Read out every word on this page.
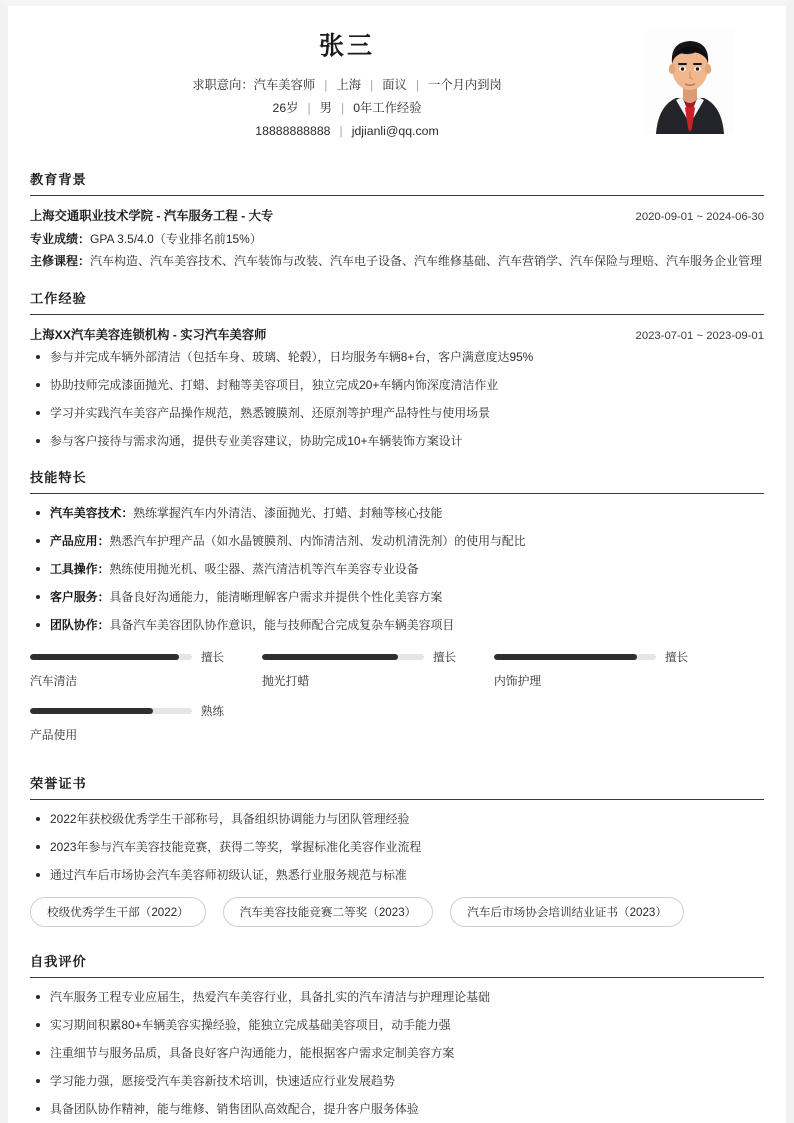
张三
求职意向：汽车美容师 | 上海 | 面议 | 一个月内到岗
26岁 | 男 | 0年工作经验
18888888888 | jdjianli@qq.com
教育背景
上海交通职业技术学院 - 汽车服务工程 - 大专	2020-09-01 ~ 2024-06-30
专业成绩：GPA 3.5/4.0（专业排名前15%）
主修课程：汽车构造、汽车美容技术、汽车装饰与改装、汽车电子设备、汽车维修基础、汽车营销学、汽车保险与理赔、汽车服务企业管理
工作经验
上海XX汽车美容连锁机构 - 实习汽车美容师	2023-07-01 ~ 2023-09-01
参与并完成车辆外部清洁（包括车身、玻璃、轮毂），日均服务车辆8+台，客户满意度达95%
协助技师完成漆面抛光、打蜡、封釉等美容项目，独立完成20+车辆内饰深度清洁作业
学习并实践汽车美容产品操作规范，熟悉镀膜剂、还原剂等护理产品特性与使用场景
参与客户接待与需求沟通，提供专业美容建议，协助完成10+车辆装饰方案设计
技能特长
汽车美容技术：熟练掌握汽车内外清洁、漆面抛光、打蜡、封釉等核心技能
产品应用：熟悉汽车护理产品（如水晶镀膜剂、内饰清洁剂、发动机清洗剂）的使用与配比
工具操作：熟练使用抛光机、吸尘器、蒸汽清洁机等汽车美容专业设备
客户服务：具备良好沟通能力，能清晰理解客户需求并提供个性化美容方案
团队协作：具备汽车美容团队协作意识，能与技师配合完成复杂车辆美容项目
擅长
汽车清洁
擅长
抛光打蜡
擅长
内饰护理
熟练
产品使用
荣誉证书
2022年获校级优秀学生干部称号，具备组织协调能力与团队管理经验
2023年参与汽车美容技能竞赛，获得二等奖，掌握标准化美容作业流程
通过汽车后市场协会汽车美容师初级认证，熟悉行业服务规范与标准
校级优秀学生干部（2022）	汽车美容技能竞赛二等奖（2023）	汽车后市场协会培训结业证书（2023）
自我评价
汽车服务工程专业应届生，热爱汽车美容行业，具备扎实的汽车清洁与护理理论基础
实习期间积累80+车辆美容实操经验，能独立完成基础美容项目，动手能力强
注重细节与服务品质，具备良好客户沟通能力，能根据客户需求定制美容方案
学习能力强，愿接受汽车美容新技术培训，快速适应行业发展趋势
具备团队协作精神，能与维修、销售团队高效配合，提升客户服务体验
